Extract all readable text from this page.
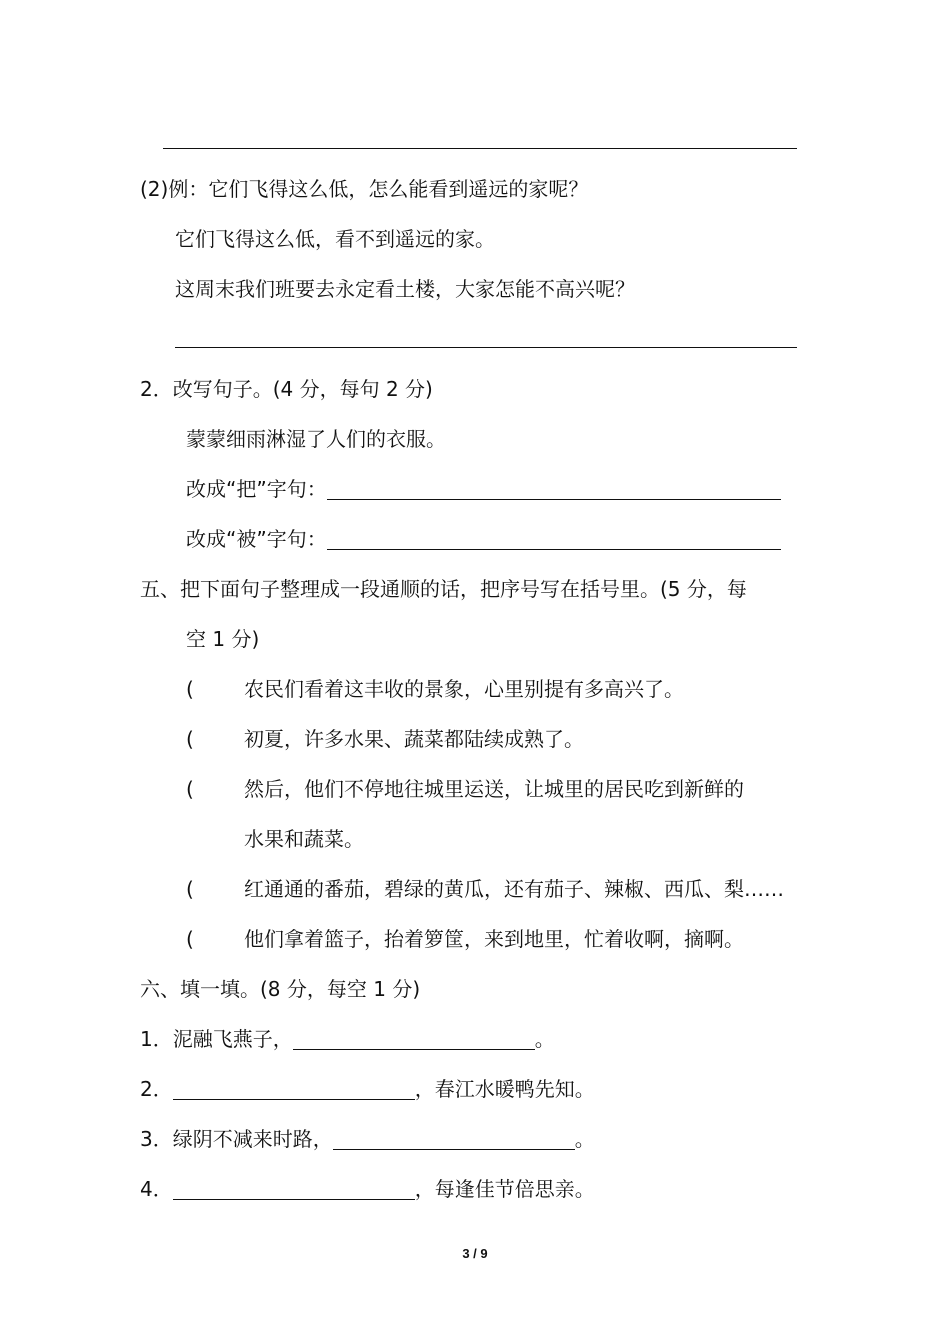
(2)例：它们飞得这么低，怎么能看到遥远的家呢？
它们飞得这么低，看不到遥远的家。
这周末我们班要去永定看土楼，大家怎能不高兴呢？
2．改写句子。(4 分，每句 2 分)
蒙蒙细雨淋湿了人们的衣服。
改成“把”字句：
改成“被”字句：
五、把下面句子整理成一段通顺的话，把序号写在括号里。(5 分，每
空 1 分)
(	农民们看着这丰收的景象，心里别提有多高兴了。
(	初夏，许多水果、蔬菜都陆续成熟了。
(	然后，他们不停地往城里运送，让城里的居民吃到新鲜的
水果和蔬菜。
(	红通通的番茄，碧绿的黄瓜，还有茄子、辣椒、西瓜、梨……
(	他们拿着篮子，抬着箩筐，来到地里，忙着收啊，摘啊。
六、填一填。(8 分，每空 1 分)
1．泥融飞燕子，	。
2．	，春江水暖鸭先知。
3．绿阴不减来时路，	。
4．	，每逢佳节倍思亲。
3 / 9
